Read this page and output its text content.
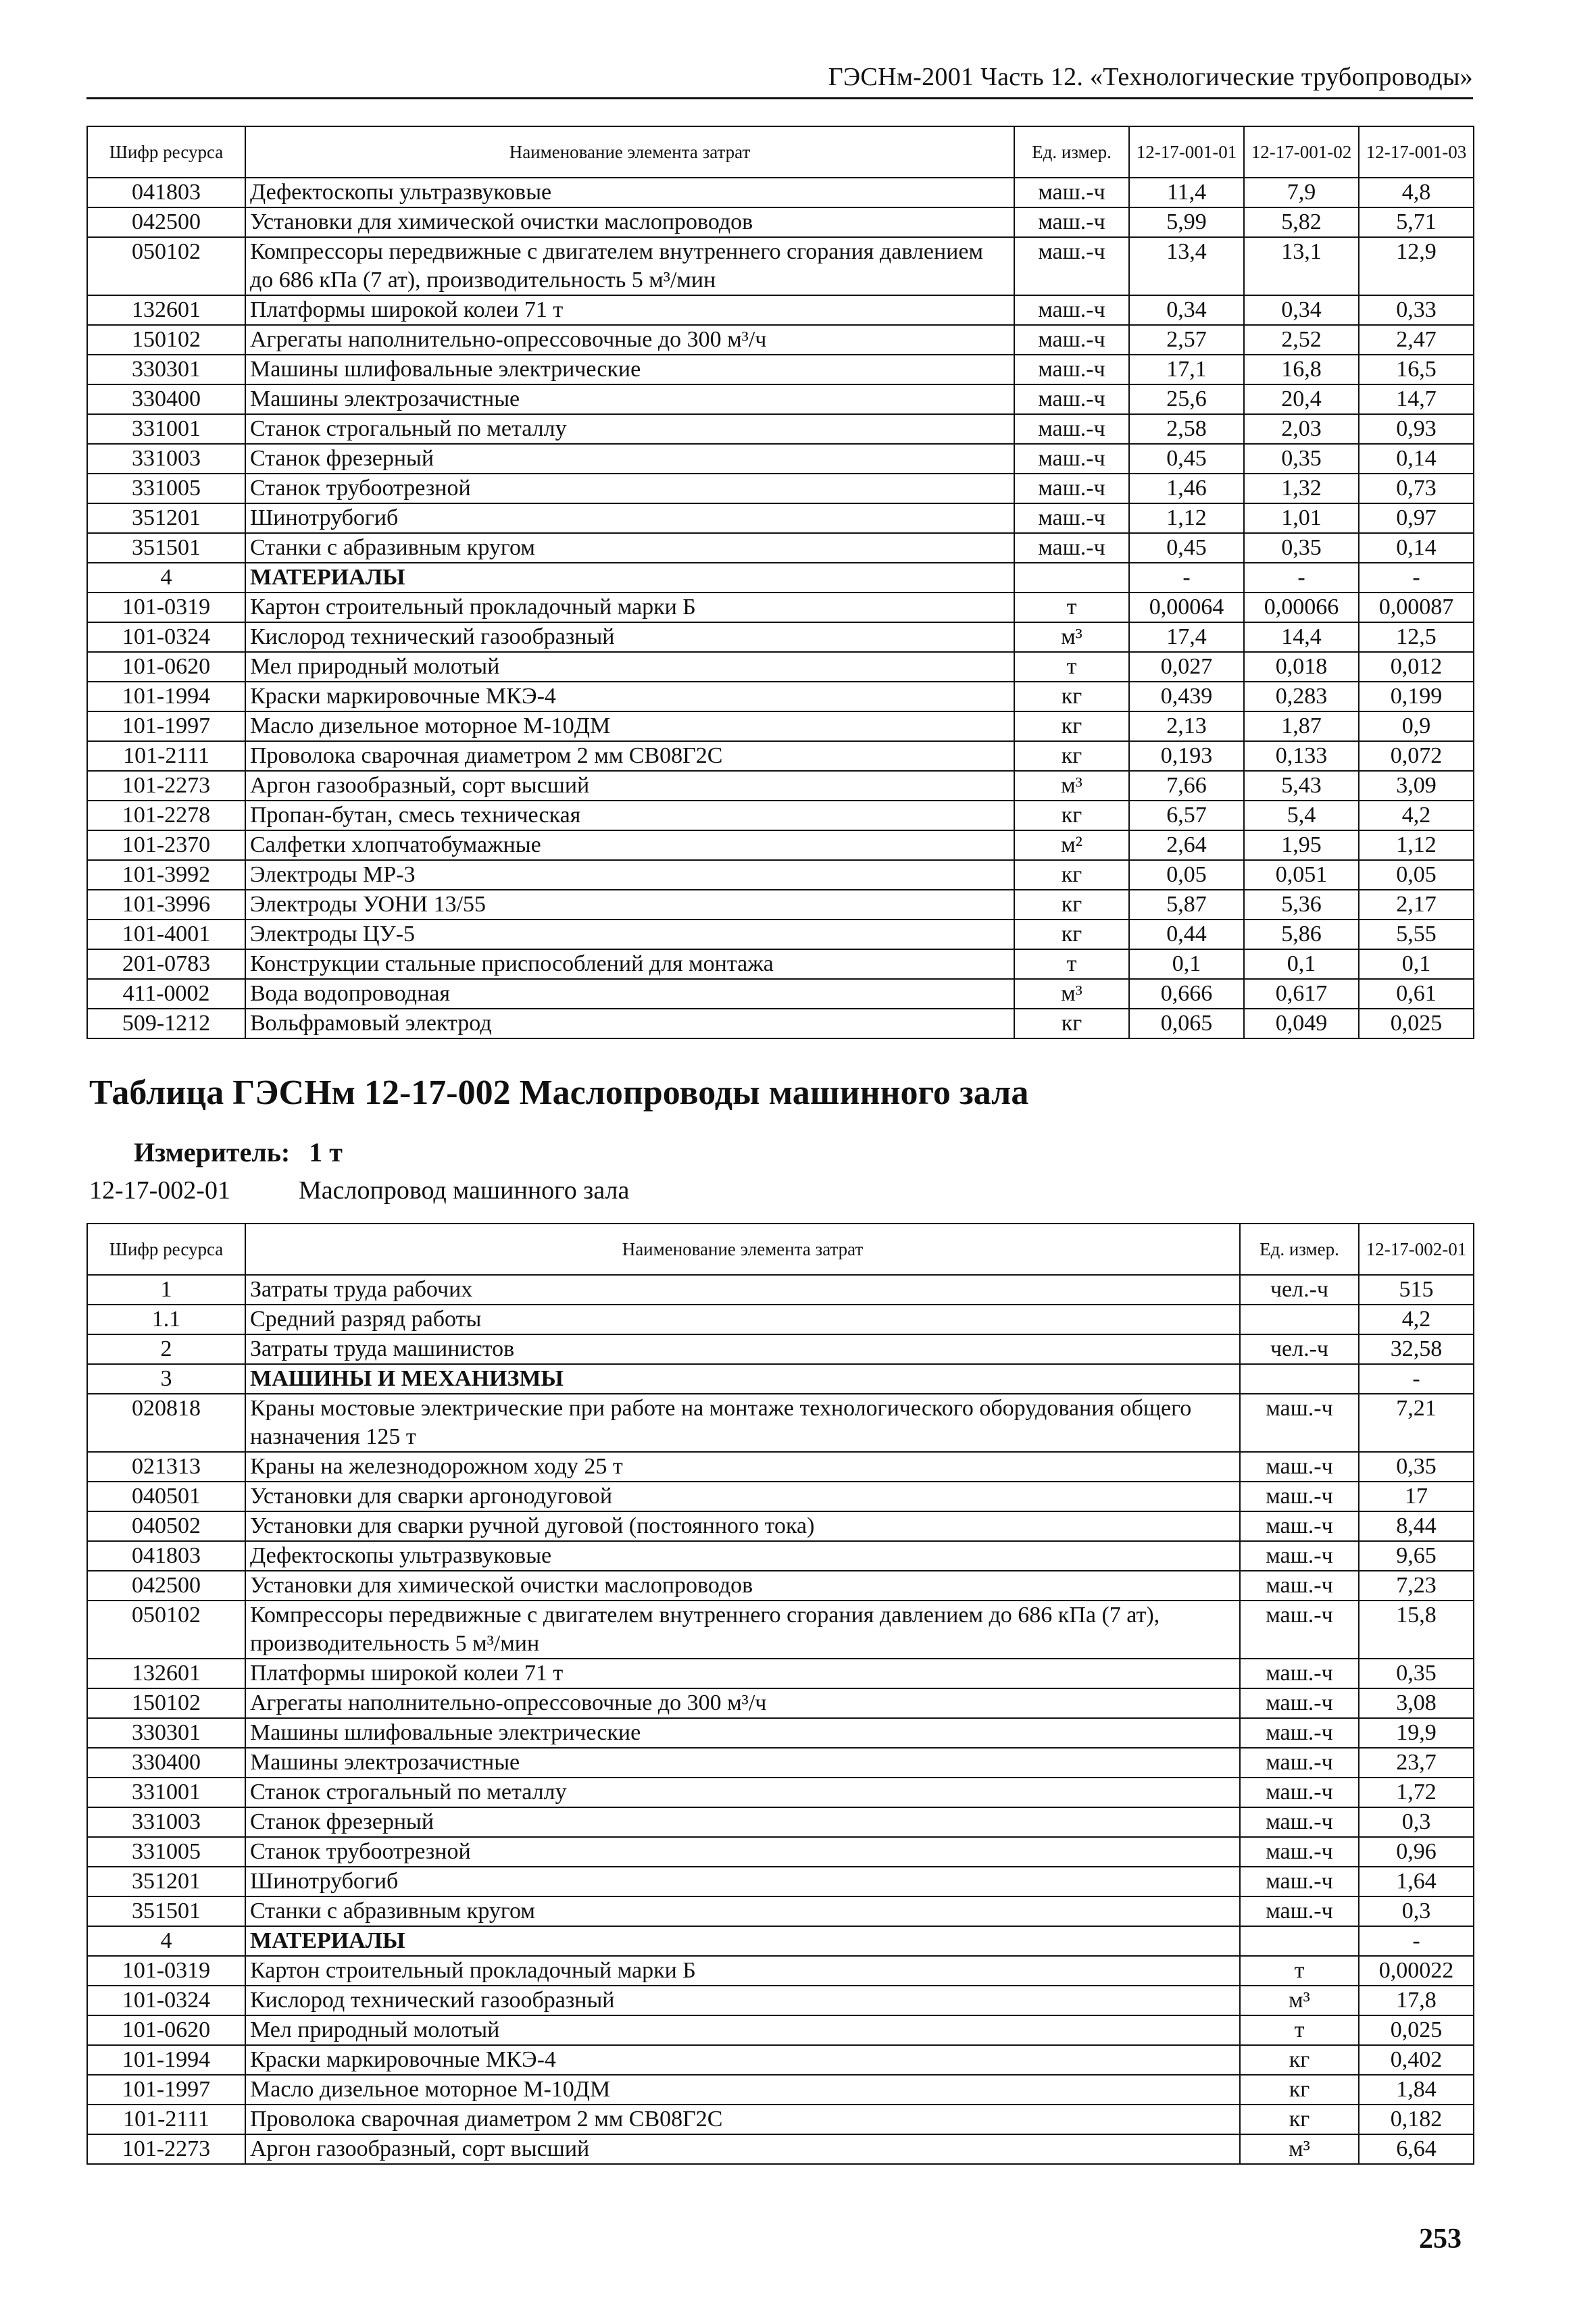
ГЭСНм-2001 Часть 12. «Технологические трубопроводы»
Шифр ресурса	Наименование элемента затрат	Ед. измер.	12-17-001-01	12-17-001-02	12-17-001-03
041803	Дефектоскопы ультразвуковые	маш.-ч	11,4	7,9	4,8
042500	Установки для химической очистки маслопроводов	маш.-ч	5,99	5,82	5,71
050102	Компрессоры передвижные с двигателем внутреннего сгорания давлением до 686 кПа (7 ат), производительность 5 м³/мин	маш.-ч	13,4	13,1	12,9
132601	Платформы широкой колеи 71 т	маш.-ч	0,34	0,34	0,33
150102	Агрегаты наполнительно-опрессовочные до 300 м³/ч	маш.-ч	2,57	2,52	2,47
330301	Машины шлифовальные электрические	маш.-ч	17,1	16,8	16,5
330400	Машины электрозачистные	маш.-ч	25,6	20,4	14,7
331001	Станок строгальный по металлу	маш.-ч	2,58	2,03	0,93
331003	Станок фрезерный	маш.-ч	0,45	0,35	0,14
331005	Станок трубоотрезной	маш.-ч	1,46	1,32	0,73
351201	Шинотрубогиб	маш.-ч	1,12	1,01	0,97
351501	Станки с абразивным кругом	маш.-ч	0,45	0,35	0,14
4	МАТЕРИАЛЫ		-	-	-
101-0319	Картон строительный прокладочный марки Б	т	0,00064	0,00066	0,00087
101-0324	Кислород технический газообразный	м³	17,4	14,4	12,5
101-0620	Мел природный молотый	т	0,027	0,018	0,012
101-1994	Краски маркировочные МКЭ-4	кг	0,439	0,283	0,199
101-1997	Масло дизельное моторное М-10ДМ	кг	2,13	1,87	0,9
101-2111	Проволока сварочная диаметром 2 мм СВ08Г2С	кг	0,193	0,133	0,072
101-2273	Аргон газообразный, сорт высший	м³	7,66	5,43	3,09
101-2278	Пропан-бутан, смесь техническая	кг	6,57	5,4	4,2
101-2370	Салфетки хлопчатобумажные	м²	2,64	1,95	1,12
101-3992	Электроды МР-3	кг	0,05	0,051	0,05
101-3996	Электроды УОНИ 13/55	кг	5,87	5,36	2,17
101-4001	Электроды ЦУ-5	кг	0,44	5,86	5,55
201-0783	Конструкции стальные приспособлений для монтажа	т	0,1	0,1	0,1
411-0002	Вода водопроводная	м³	0,666	0,617	0,61
509-1212	Вольфрамовый электрод	кг	0,065	0,049	0,025
Таблица ГЭСНм 12-17-002 Маслопроводы машинного зала
Измеритель: 1 т
12-17-002-01	Маслопровод машинного зала
Шифр ресурса	Наименование элемента затрат	Ед. измер.	12-17-002-01
1	Затраты труда рабочих	чел.-ч	515
1.1	Средний разряд работы		4,2
2	Затраты труда машинистов	чел.-ч	32,58
3	МАШИНЫ И МЕХАНИЗМЫ		-
020818	Краны мостовые электрические при работе на монтаже технологического оборудования общего назначения 125 т	маш.-ч	7,21
021313	Краны на железнодорожном ходу 25 т	маш.-ч	0,35
040501	Установки для сварки аргонодуговой	маш.-ч	17
040502	Установки для сварки ручной дуговой (постоянного тока)	маш.-ч	8,44
041803	Дефектоскопы ультразвуковые	маш.-ч	9,65
042500	Установки для химической очистки маслопроводов	маш.-ч	7,23
050102	Компрессоры передвижные с двигателем внутреннего сгорания давлением до 686 кПа (7 ат), производительность 5 м³/мин	маш.-ч	15,8
132601	Платформы широкой колеи 71 т	маш.-ч	0,35
150102	Агрегаты наполнительно-опрессовочные до 300 м³/ч	маш.-ч	3,08
330301	Машины шлифовальные электрические	маш.-ч	19,9
330400	Машины электрозачистные	маш.-ч	23,7
331001	Станок строгальный по металлу	маш.-ч	1,72
331003	Станок фрезерный	маш.-ч	0,3
331005	Станок трубоотрезной	маш.-ч	0,96
351201	Шинотрубогиб	маш.-ч	1,64
351501	Станки с абразивным кругом	маш.-ч	0,3
4	МАТЕРИАЛЫ		-
101-0319	Картон строительный прокладочный марки Б	т	0,00022
101-0324	Кислород технический газообразный	м³	17,8
101-0620	Мел природный молотый	т	0,025
101-1994	Краски маркировочные МКЭ-4	кг	0,402
101-1997	Масло дизельное моторное М-10ДМ	кг	1,84
101-2111	Проволока сварочная диаметром 2 мм СВ08Г2С	кг	0,182
101-2273	Аргон газообразный, сорт высший	м³	6,64
253
